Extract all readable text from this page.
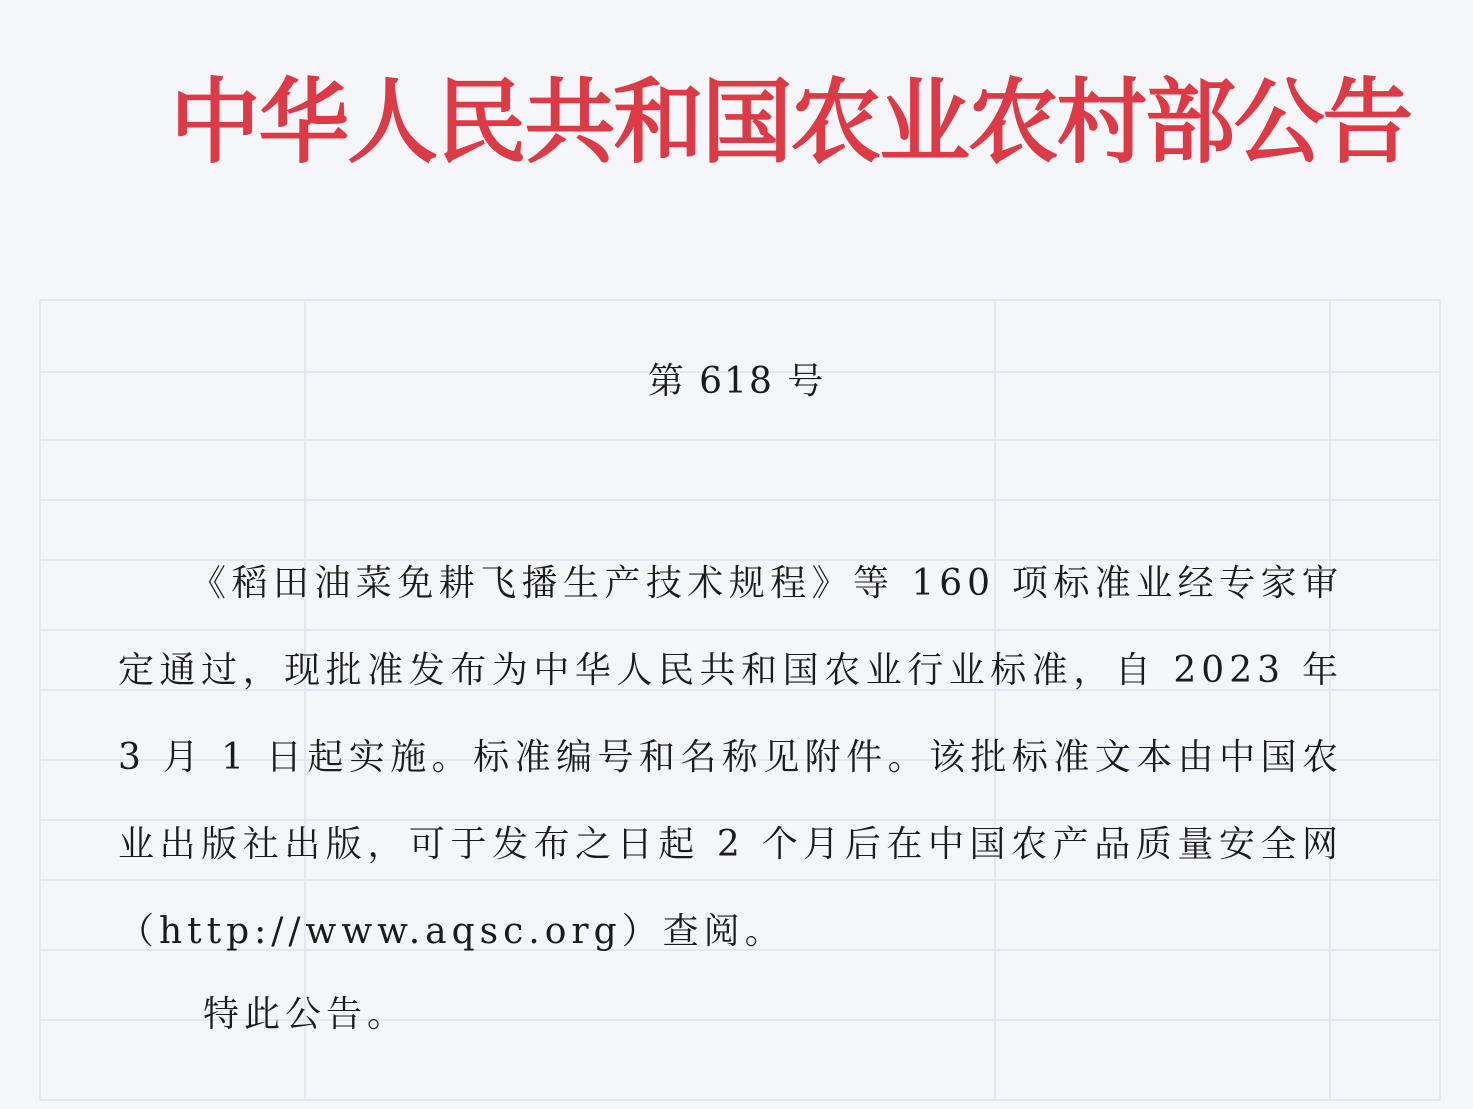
中华人民共和国农业农村部公告
第 618 号

《稻田油菜免耕飞播生产技术规程》等 160 项标准业经专家审定通过，现批准发布为中华人民共和国农业行业标准，自 2023 年 3 月 1 日起实施。标准编号和名称见附件。该批标准文本由中国农业出版社出版，可于发布之日起 2 个月后在中国农产品质量安全网（http://www.aqsc.org）查阅。

特此公告。
